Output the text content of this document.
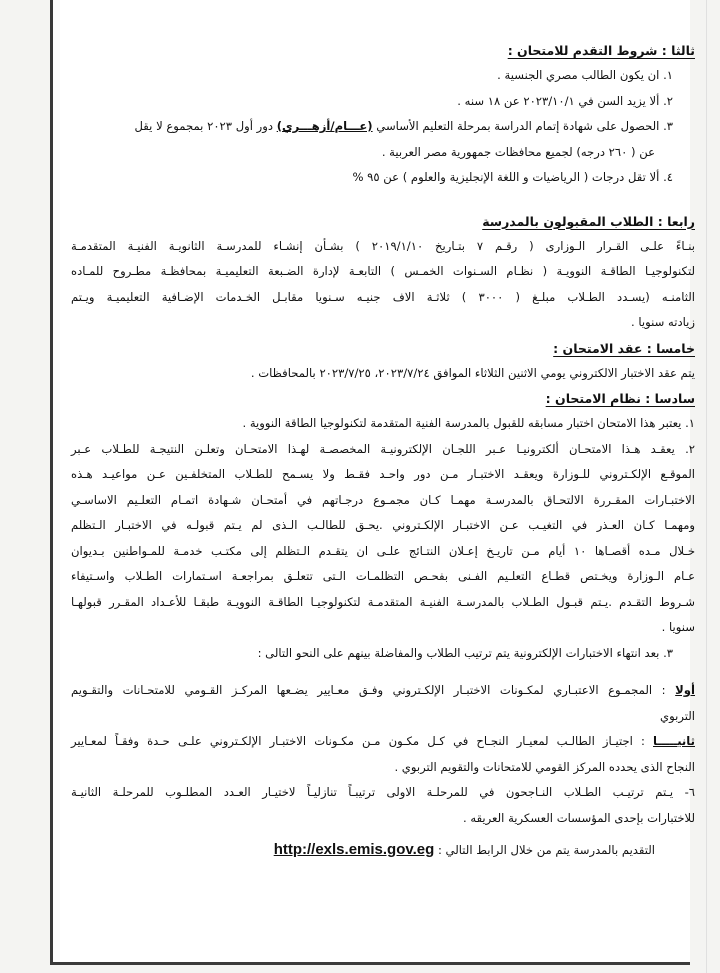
ثالثا : شروط التقدم للامتحان :
١. ان يكون الطالب مصري الجنسية .
٢. ألا يزيد السن في ٢٠٢٣/١٠/١ عن ١٨ سنه .
٣. الحصول على شهادة إتمام الدراسة بمرحلة التعليم الأساسي (عـــام/أزهـــري) دور أول ٢٠٢٣ بمجموع لا يقل
عن ( ٢٦٠ درجه) لجميع محافظات جمهورية مصر العربية .
٤. ألا تقل درجات ( الرياضيات و اللغة الإنجليزية والعلوم ) عن ٩٥ %
رابعا : الطلاب المقبولون بالمدرسة
بنـاءً علـى القـرار الـوزارى ( رقـم ٧ بتـاريخ ٢٠١٩/١/١٠ ) بشـأن إنشـاء للمدرسـة الثانويـة الفنيـة المتقدمـة
لتكنولوجيـا الطاقـة النوويـة ( نظـام السـنوات الخمـس ) التابعـة لإدارة الضـبعة التعليميـة بمحافظـة مطـروح للمـاده
الثامنـه (يسـدد الطـلاب مبلـغ ( ٣٠٠٠ ) ثلاثـة الاف جنيـه سـنويا مقابـل الخـدمات الإضـافية التعليميـة ويـتم
زيادته سنويا .
خامسا : عقد الامتحان :
يتم عقد الاختبار الالكتروني يومي الاثنين الثلاثاء الموافق ٢٠٢٣/٧/٢٤، ٢٠٢٣/٧/٢٥ بالمحافظات .
سادسا : نظام الامتحان :
١. يعتبر هذا الامتحان اختبار مسابقه للقبول بالمدرسة الفنية المتقدمة لتكنولوجيا الطاقة النووية .
٢. يعقـد هـذا الامتحـان ألكترونيـا عـبر اللجـان الإلكترونيـة المخصصـة لهـذا الامتحـان وتعلـن النتيجـة للطـلاب عـبر
الموقـع الإلكـتروني للـوزارة ويعقـد الاختبـار مـن دور واحـد فقـط ولا يسـمح للطـلاب المتخلفـين عـن مواعيـد هـذه
الاختبـارات المقـررة الالتحـاق بالمدرسـة مهمـا كـان مجمـوع درجـاتهم في أمتحـان شـهادة اتمـام التعلـيم الاساسـي
ومهمـا كـان العـذر في التغيـب عـن الاختبـار الإلكـتروني .يحـق للطالـب الـذى لم يـتم قبولـه في الاختبـار الـتظلم
خـلال مـده أقصـاها ١٠ أيام مـن تاريـخ إعـلان النتـائج علـى ان يتقـدم الـتظلم إلى مكتـب خدمـة للمـواطنين بـديوان
عـام الـوزارة ويخـتص قطـاع التعلـيم الفـنى بفحـص التظلمـات الـتى تتعلـق بمراجعـة اسـتمارات الطـلاب واسـتيفاء
شـروط التقـدم .يـتم قبـول الطـلاب بالمدرسـة الفنيـة المتقدمـة لتكنولوجيـا الطاقـة النوويـة طبقـا للأعـداد المقـرر قبولهـا
سنويا .
٣. بعد انتهاء الاختبارات الإلكترونية يتم ترتيب الطلاب والمفاضلة بينهم على النحو التالى :
أولا : المجمـوع الاعتبـاري لمكـونات الاختبـار الإلكـتروني وفـق معـايير يضـعها المركـز القـومي للامتحـانات والتقـويم
التربوي
ثانيـــــا : اجتيـاز الطالـب لمعيـار النجـاح في كـل مكـون مـن مكـونات الاختبـار الإلكـتروني علـى حـدة وفقـاً لمعـايير
النجاح الذى يحدده المركز القومي للامتحانات والتقويم التربوي .
٦- يـتم ترتيـب الطـلاب النـاجحون في للمرحلـة الاولى ترتيبـاً تنازليـاً لاختيـار العـدد المطلـوب للمرحلـة الثانيـة
للاختبارات بإحدى المؤسسات العسكرية العريقه .
التقديم بالمدرسة يتم من خلال الرابط التالي : http://exls.emis.gov.eg
